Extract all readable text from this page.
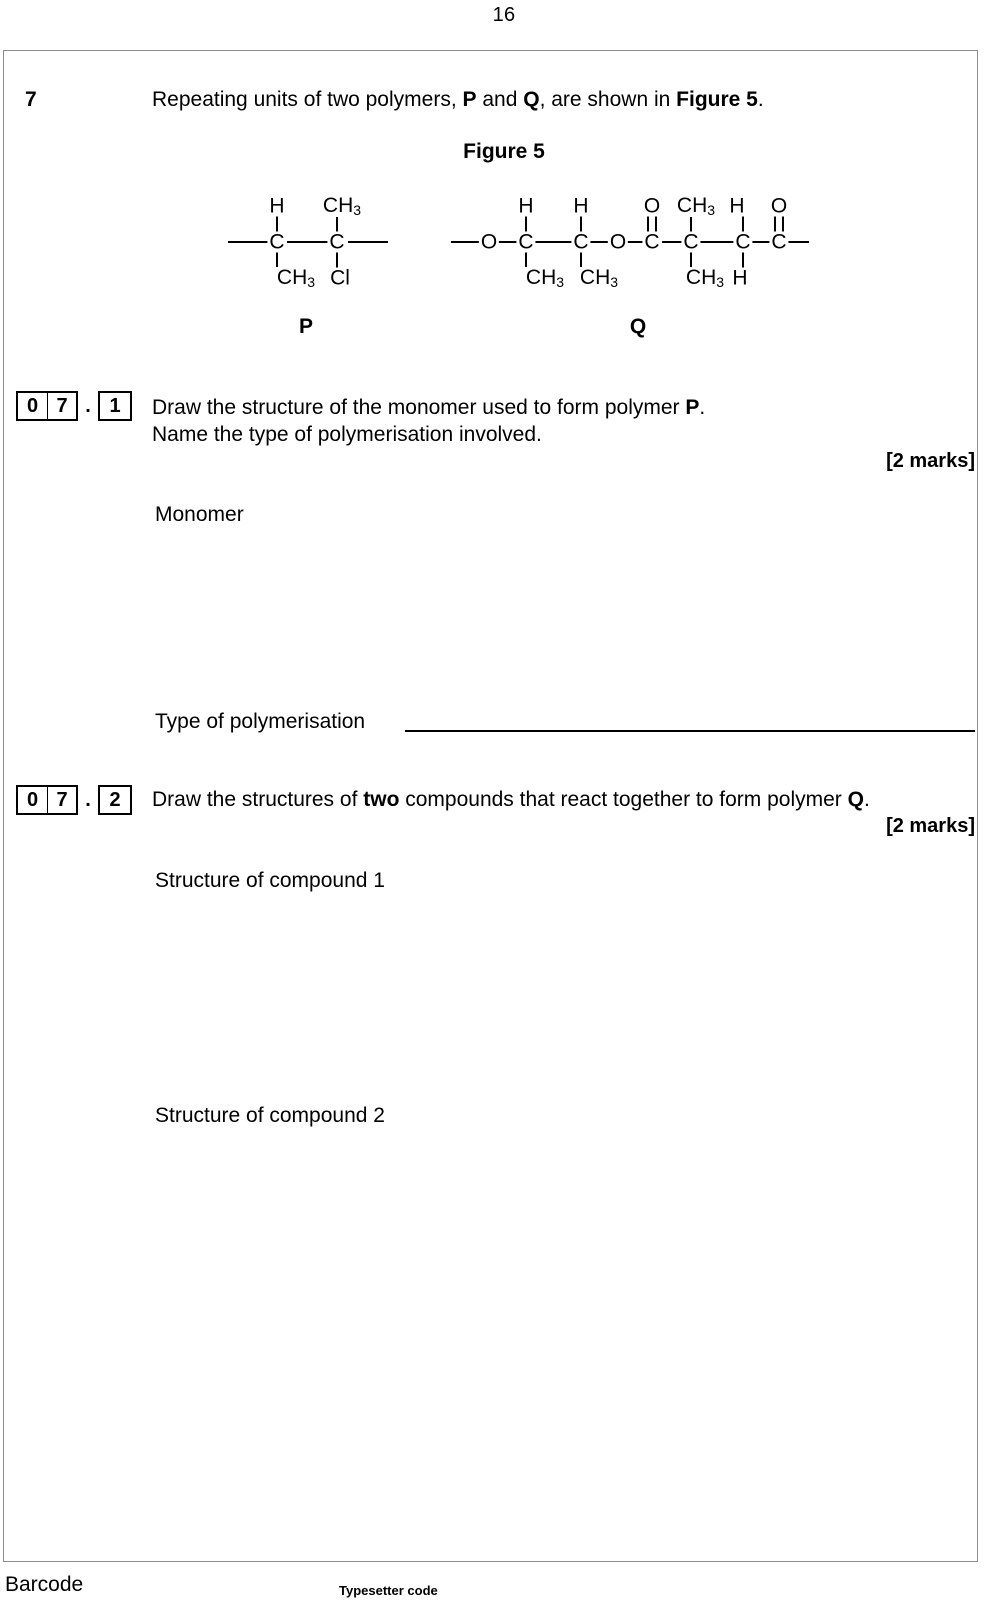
16
7	Repeating units of two polymers, P and Q, are shown in Figure 5.
Figure 5
H $CH_3$
C C
$CH_3$ Cl
P
O C C O C C C C
H H	O $CH_3$ H O
$CH_3$ $CH_3$	$CH_3$ H
Q
0 7 . 1	Draw the structure of the monomer used to form polymer P.
Name the type of polymerisation involved.
[2 marks]
Monomer
Type of polymerisation
0 7 . 2	Draw the structures of two compounds that react together to form polymer Q.
[2 marks]
Structure of compound 1
Structure of compound 2
Barcode	Typesetter code
